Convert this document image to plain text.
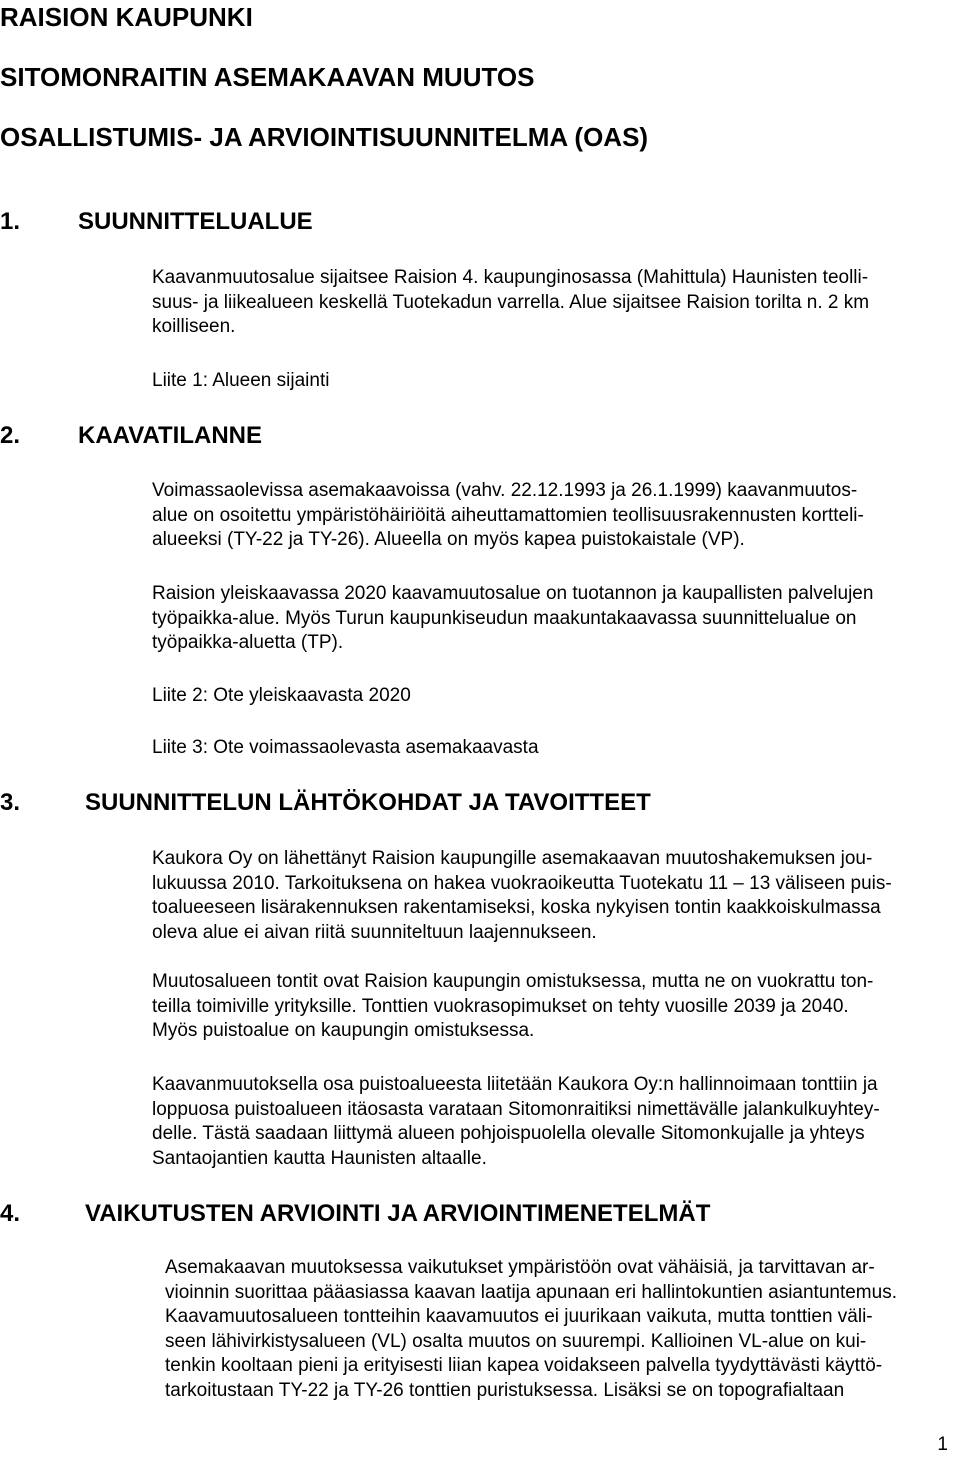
RAISION KAUPUNKI
SITOMONRAITIN ASEMAKAAVAN MUUTOS
OSALLISTUMIS- JA ARVIOINTISUUNNITELMA (OAS)
1. SUUNNITTELUALUE
Kaavanmuutosalue sijaitsee Raision 4. kaupunginosassa (Mahittula) Haunisten teolli-
suus- ja liikealueen keskellä Tuotekadun varrella. Alue sijaitsee Raision torilta n. 2 km
koilliseen.
Liite 1: Alueen sijainti
2. KAAVATILANNE
Voimassaolevissa asemakaavoissa (vahv. 22.12.1993 ja 26.1.1999) kaavanmuutos-
alue on osoitettu ympäristöhäiriöitä aiheuttamattomien teollisuusrakennusten kortteli-
alueeksi (TY-22 ja TY-26). Alueella on myös kapea puistokaistale (VP).
Raision yleiskaavassa 2020 kaavamuutosalue on tuotannon ja kaupallisten palvelujen
työpaikka-alue. Myös Turun kaupunkiseudun maakuntakaavassa suunnittelualue on
työpaikka-aluetta (TP).
Liite 2: Ote yleiskaavasta 2020
Liite 3: Ote voimassaolevasta asemakaavasta
3.	SUUNNITTELUN LÄHTÖKOHDAT JA TAVOITTEET
Kaukora Oy on lähettänyt Raision kaupungille asemakaavan muutoshakemuksen jou-
lukuussa 2010. Tarkoituksena on hakea vuokraoikeutta Tuotekatu 11 – 13 väliseen puis-
toalueeseen lisärakennuksen rakentamiseksi, koska nykyisen tontin kaakkoiskulmassa
oleva alue ei aivan riitä suunniteltuun laajennukseen.
Muutosalueen tontit ovat Raision kaupungin omistuksessa, mutta ne on vuokrattu ton-
teilla toimiville yrityksille. Tonttien vuokrasopimukset on tehty vuosille 2039 ja 2040.
Myös puistoalue on kaupungin omistuksessa.
Kaavanmuutoksella osa puistoalueesta liitetään Kaukora Oy:n hallinnoimaan tonttiin ja
loppuosa puistoalueen itäosasta varataan Sitomonraitiksi nimettävälle jalankulkuyhtey-
delle. Tästä saadaan liittymä alueen pohjoispuolella olevalle Sitomonkujalle ja yhteys
Santaojantien kautta Haunisten altaalle.
4.	VAIKUTUSTEN ARVIOINTI JA ARVIOINTIMENETELMÄT
Asemakaavan muutoksessa vaikutukset ympäristöön ovat vähäisiä, ja tarvittavan ar-
vioinnin suorittaa pääasiassa kaavan laatija apunaan eri hallintokuntien asiantuntemus.
Kaavamuutosalueen tontteihin kaavamuutos ei juurikaan vaikuta, mutta tonttien väli-
seen lähivirkistysalueen (VL) osalta muutos on suurempi. Kallioinen VL-alue on kui-
tenkin kooltaan pieni ja erityisesti liian kapea voidakseen palvella tyydyttävästi käyttö-
tarkoitustaan TY-22 ja TY-26 tonttien puristuksessa. Lisäksi se on topografialtaan
1
